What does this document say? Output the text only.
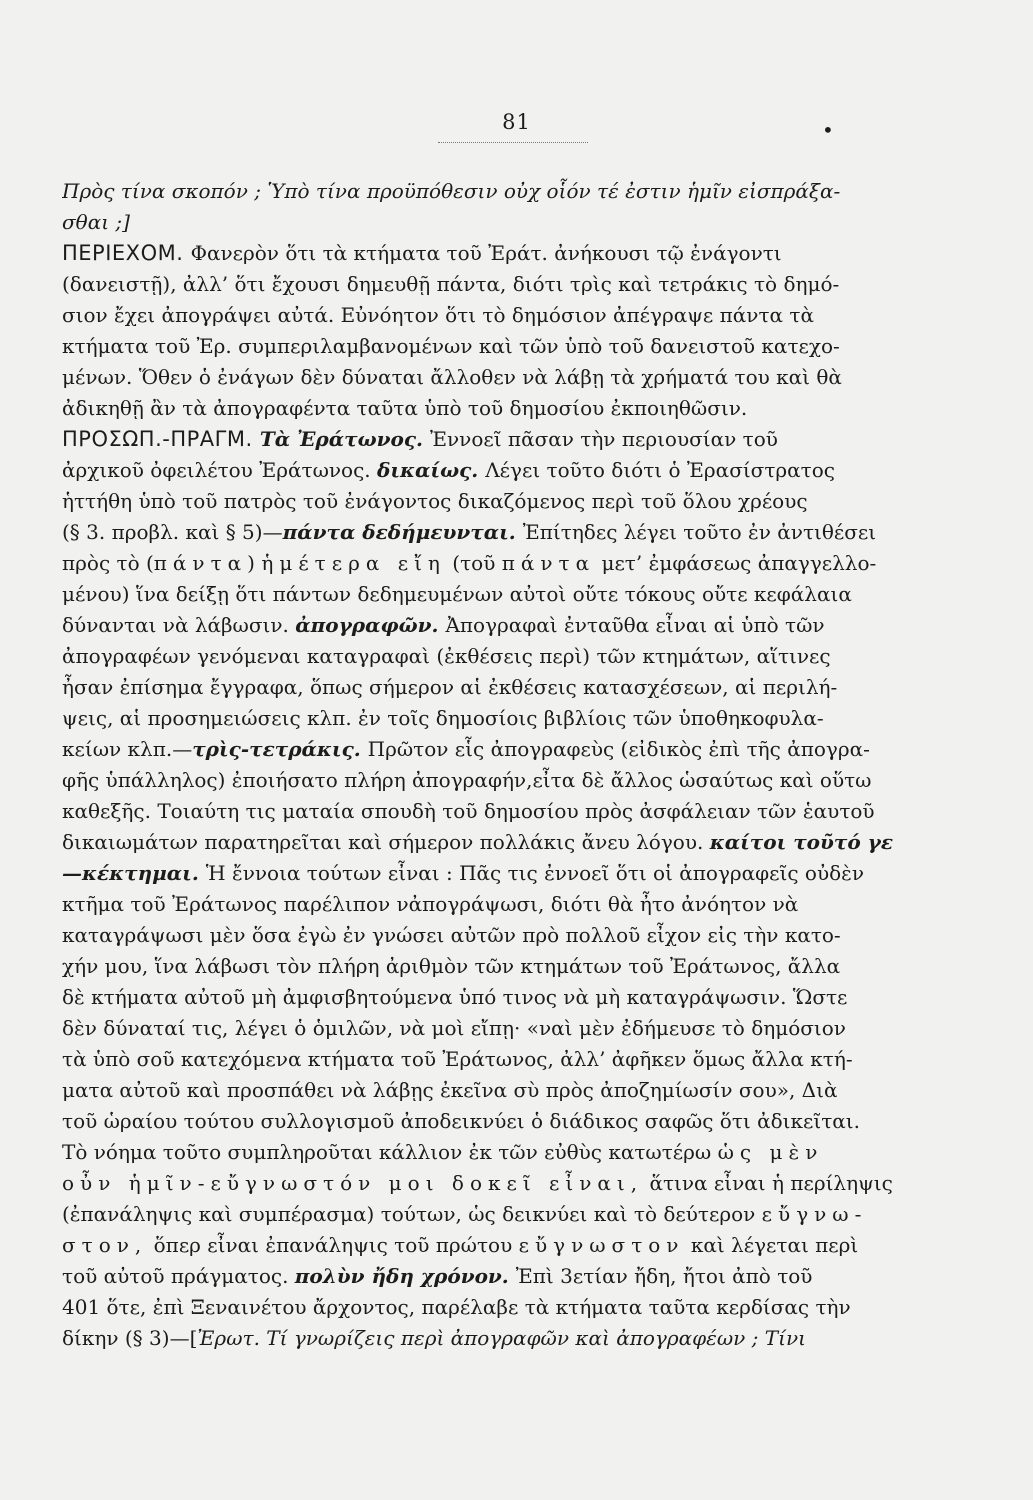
81	•
Πρὸς τίνα σκοπόν ; Ὑπὸ τίνα προϋπόθεσιν οὐχ οἷόν τέ ἐστιν ἡμῖν εἰσπράξα-
σθαι ;]
ΠΕΡΙΕΧΟΜ. Φανερὸν ὅτι τὰ κτήματα τοῦ Ἐράτ. ἀνήκουσι τῷ ἐνάγοντι
(δανειστῇ), ἀλλ’ ὅτι ἔχουσι δημευθῇ πάντα, διότι τρὶς καὶ τετράκις τὸ δημό-
σιον ἔχει ἀπογράψει αὐτά. Εὐνόητον ὅτι τὸ δημόσιον ἀπέγραψε πάντα τὰ
κτήματα τοῦ Ἐρ. συμπεριλαμβανομένων καὶ τῶν ὑπὸ τοῦ δανειστοῦ κατεχο-
μένων. Ὅθεν ὁ ἐνάγων δὲν δύναται ἄλλοθεν νὰ λάβῃ τὰ χρήματά του καὶ θὰ
ἀδικηθῇ ἂν τὰ ἀπογραφέντα ταῦτα ὑπὸ τοῦ δημοσίου ἐκποιηθῶσιν.
ΠΡΟΣΩΠ.-ΠΡΑΓΜ. Τὰ Ἐράτωνος. Ἐννοεῖ πᾶσαν τὴν περιουσίαν τοῦ
ἀρχικοῦ ὀφειλέτου Ἐράτωνος. δικαίως. Λέγει τοῦτο διότι ὁ Ἐρασίστρατος
ἡττήθη ὑπὸ τοῦ πατρὸς τοῦ ἐνάγοντος δικαζόμενος περὶ τοῦ ὅλου χρέους
(§ 3. προβλ. καὶ § 5)—πάντα δεδήμευνται. Ἐπίτηδες λέγει τοῦτο ἐν ἀντιθέσει
πρὸς τὸ (πάντα) ἡμέτερα εἴη (τοῦ πάντα μετ’ ἐμφάσεως ἀπαγγελλο-
μένου) ἵνα δείξῃ ὅτι πάντων δεδημευμένων αὐτοὶ οὔτε τόκους οὔτε κεφάλαια
δύνανται νὰ λάβωσιν. ἀπογραφῶν. Ἀπογραφαὶ ἐνταῦθα εἶναι αἱ ὑπὸ τῶν
ἀπογραφέων γενόμεναι καταγραφαὶ (ἐκθέσεις περὶ) τῶν κτημάτων, αἵτινες
ἦσαν ἐπίσημα ἔγγραφα, ὅπως σήμερον αἱ ἐκθέσεις κατασχέσεων, αἱ περιλή-
ψεις, αἱ προσημειώσεις κλπ. ἐν τοῖς δημοσίοις βιβλίοις τῶν ὑποθηκοφυλα-
κείων κλπ.—τρὶς-τετράκις. Πρῶτον εἷς ἀπογραφεὺς (εἰδικὸς ἐπὶ τῆς ἀπογρα-
φῆς ὑπάλληλος) ἐποιήσατο πλήρη ἀπογραφήν,εἶτα δὲ ἄλλος ὡσαύτως καὶ οὕτω
καθεξῆς. Τοιαύτη τις ματαία σπουδὴ τοῦ δημοσίου πρὸς ἀσφάλειαν τῶν ἑαυτοῦ
δικαιωμάτων παρατηρεῖται καὶ σήμερον πολλάκις ἄνευ λόγου. καίτοι τοῦτό γε
—κέκτημαι. Ἡ ἔννοια τούτων εἶναι : Πᾶς τις ἐννοεῖ ὅτι οἱ ἀπογραφεῖς οὐδὲν
κτῆμα τοῦ Ἐράτωνος παρέλιπον νἀπογράψωσι, διότι θὰ ἦτο ἀνόητον νὰ
καταγράψωσι μὲν ὅσα ἐγὼ ἐν γνώσει αὐτῶν πρὸ πολλοῦ εἶχον εἰς τὴν κατο-
χήν μου, ἵνα λάβωσι τὸν πλήρη ἀριθμὸν τῶν κτημάτων τοῦ Ἐράτωνος, ἄλλα
δὲ κτήματα αὐτοῦ μὴ ἀμφισβητούμενα ὑπό τινος νὰ μὴ καταγράψωσιν. Ὥστε
δὲν δύναταί τις, λέγει ὁ ὁμιλῶν, νὰ μοὶ εἴπῃ· «ναὶ μὲν ἐδήμευσε τὸ δημόσιον
τὰ ὑπὸ σοῦ κατεχόμενα κτήματα τοῦ Ἐράτωνος, ἀλλ’ ἀφῆκεν ὅμως ἄλλα κτή-
ματα αὐτοῦ καὶ προσπάθει νὰ λάβῃς ἐκεῖνα σὺ πρὸς ἀποζημίωσίν σου», Διὰ
τοῦ ὡραίου τούτου συλλογισμοῦ ἀποδεικνύει ὁ διάδικος σαφῶς ὅτι ἀδικεῖται.
Τὸ νόημα τοῦτο συμπληροῦται κάλλιον ἐκ τῶν εὐθὺς κατωτέρω ὡς μὲν
οὖν ἡμῖν-εὔγνωστόν μοι δοκεῖ εἶναι, ἅτινα εἶναι ἡ περίληψις
(ἐπανάληψις καὶ συμπέρασμα) τούτων, ὡς δεικνύει καὶ τὸ δεύτερον εὔγνω-
στον, ὅπερ εἶναι ἐπανάληψις τοῦ πρώτου εὔγνωστον καὶ λέγεται περὶ
τοῦ αὐτοῦ πράγματος. πολὺν ἤδη χρόνον. Ἐπὶ 3ετίαν ἤδη, ἤτοι ἀπὸ τοῦ
401 ὅτε, ἐπὶ Ξεναινέτου ἄρχοντος, παρέλαβε τὰ κτήματα ταῦτα κερδίσας τὴν
δίκην (§ 3)—[Ἐρωτ. Τί γνωρίζεις περὶ ἀπογραφῶν καὶ ἀπογραφέων ; Τίνι
